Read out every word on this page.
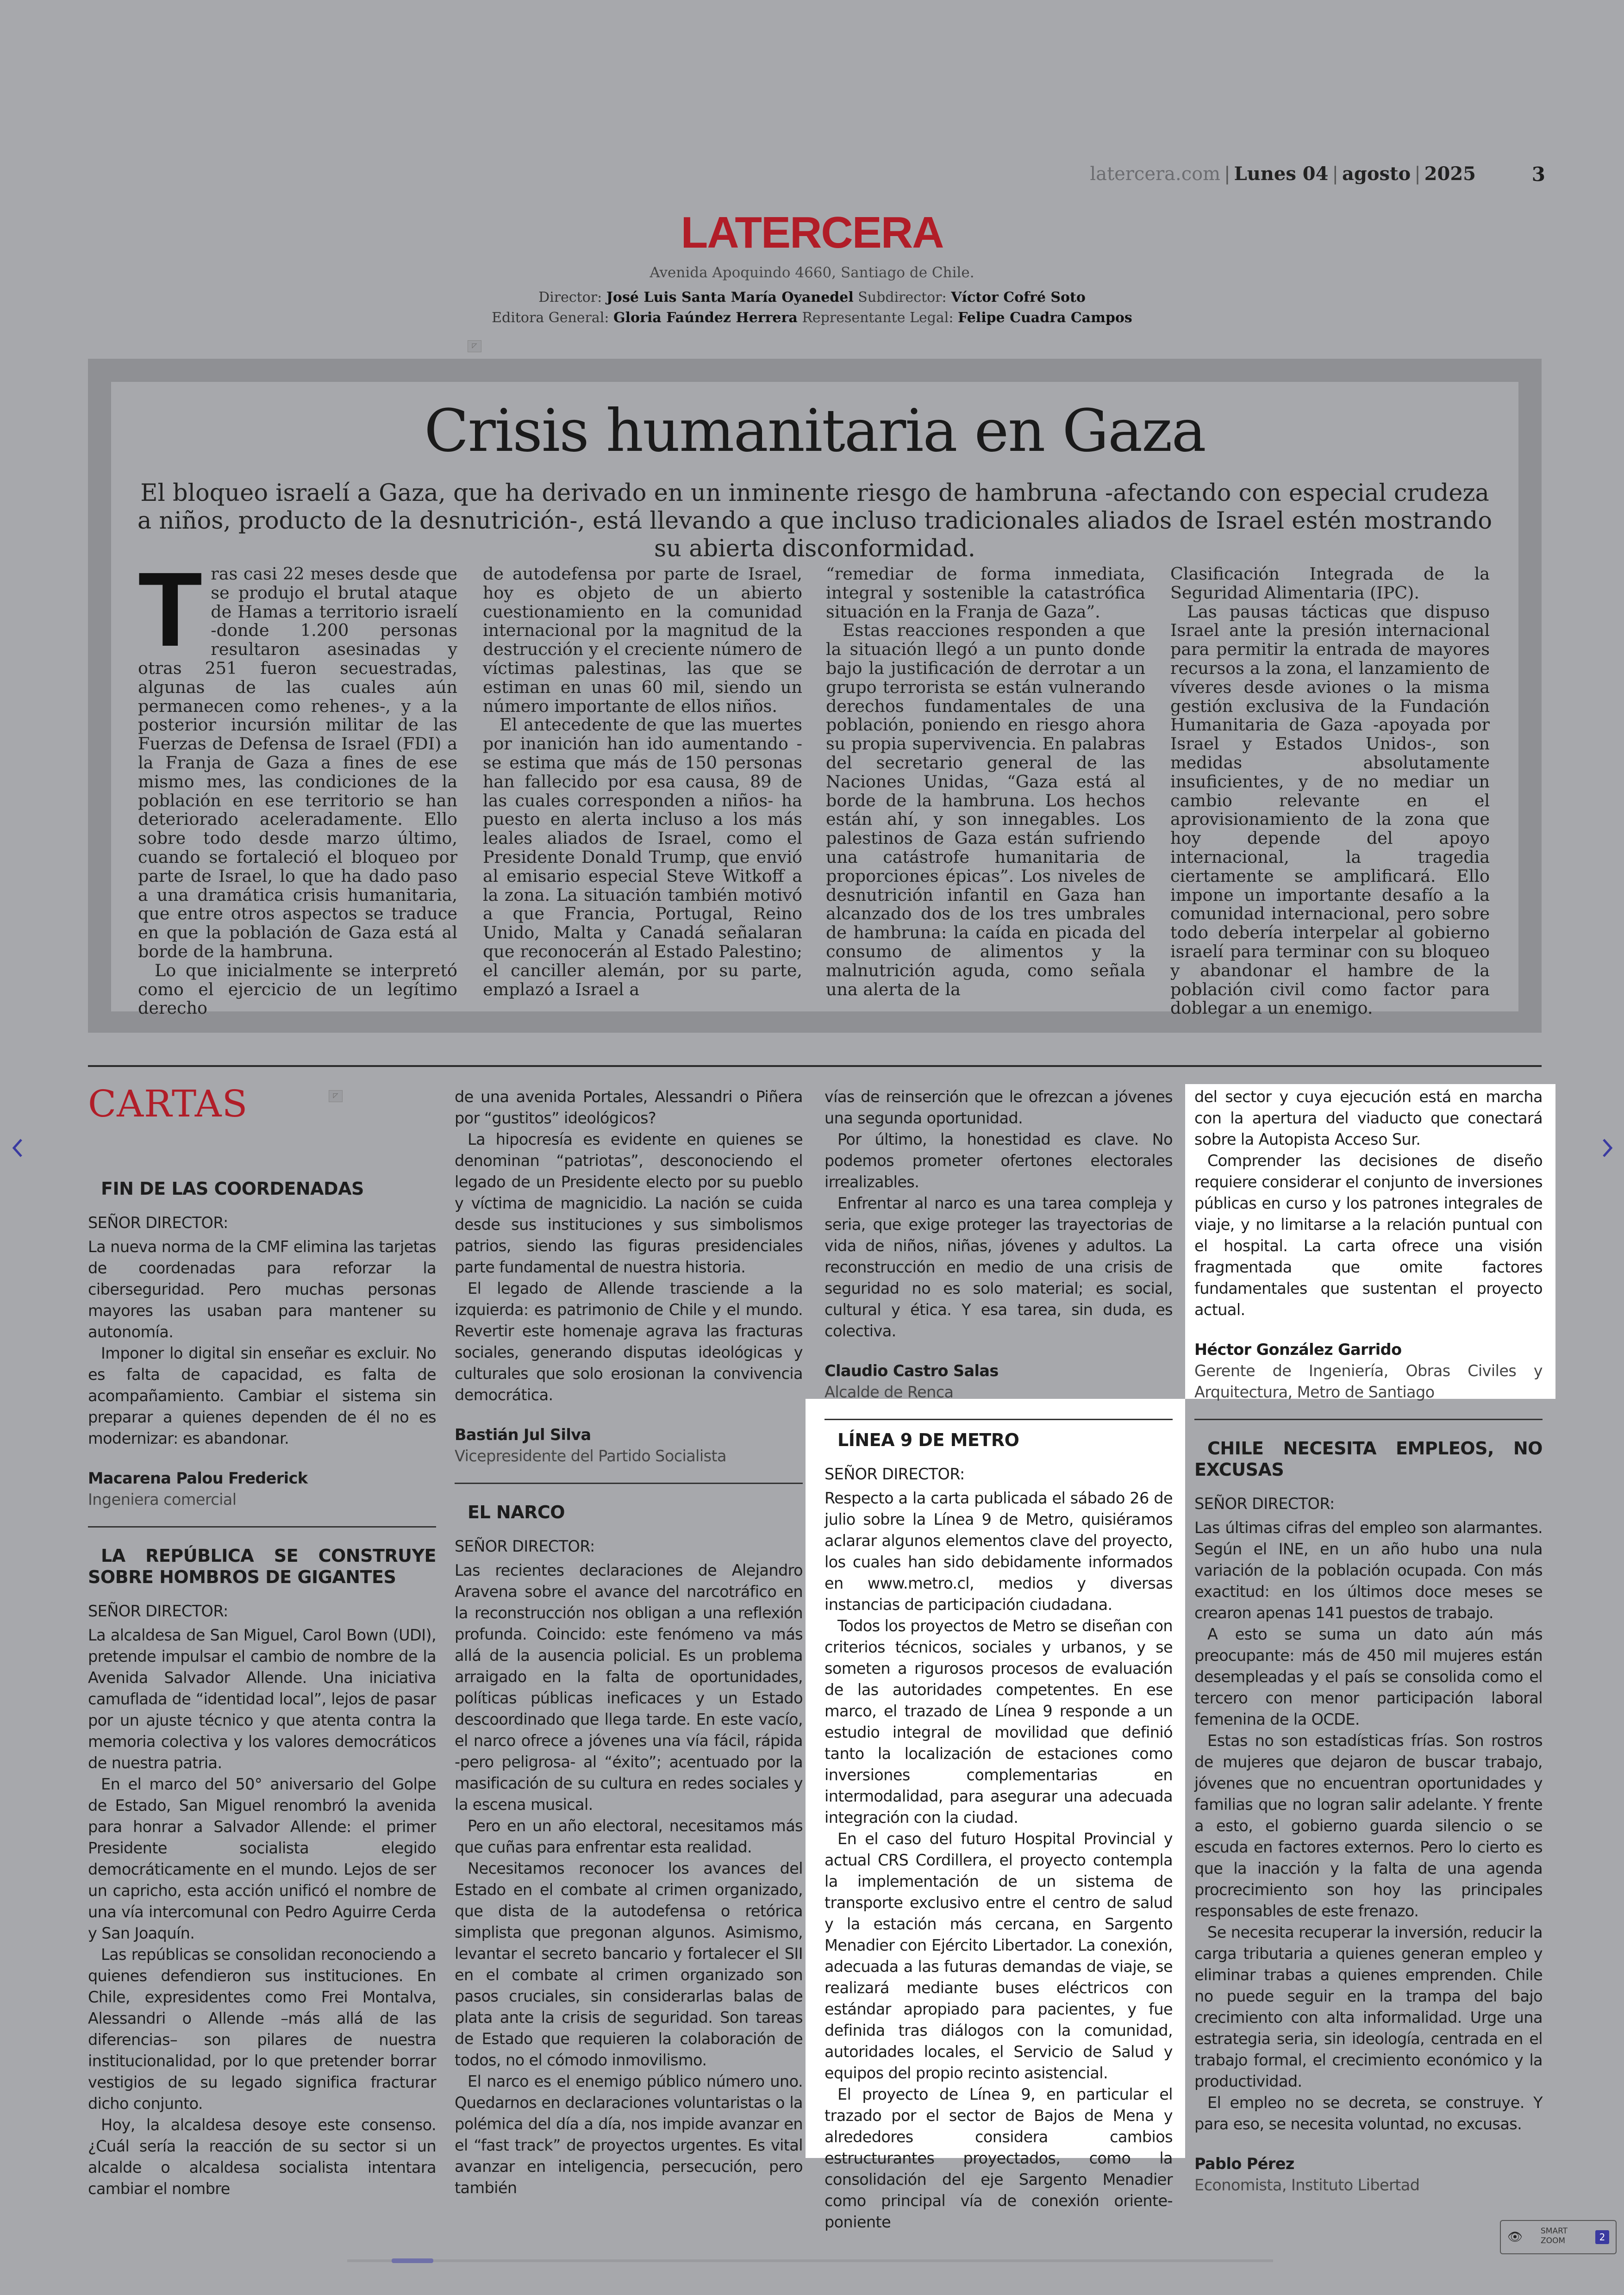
latercera.com | Lunes 04 | agosto | 2025	3
LATERCERA
Avenida Apoquindo 4660, Santiago de Chile.
Director: José Luis Santa María Oyanedel Subdirector: Víctor Cofré Soto
Editora General: Gloria Faúndez Herrera Representante Legal: Felipe Cuadra Campos
◸
Crisis humanitaria en Gaza
El bloqueo israelí a Gaza, que ha derivado en un inminente riesgo de hambruna -afectando con especial crudeza a niños, producto de la desnutrición-, está llevando a que incluso tradicionales aliados de Israel estén mostrando su abierta disconformidad.

Tras casi 22 meses desde que se produjo el brutal ataque de Hamas a territorio israelí -donde 1.200 personas resultaron asesinadas y otras 251 fueron secuestradas, algunas de las cuales aún permanecen como rehenes-, y a la posterior incursión militar de las Fuerzas de Defensa de Israel (FDI) a la Franja de Gaza a fines de ese mismo mes, las condiciones de la población en ese territorio se han deteriorado aceleradamente. Ello sobre todo desde marzo último, cuando se fortaleció el bloqueo por parte de Israel, lo que ha dado paso a una dramática crisis humanitaria, que entre otros aspectos se traduce en que la población de Gaza está al borde de la hambruna.

Lo que inicialmente se interpretó como el ejercicio de un legítimo derecho

de autodefensa por parte de Israel, hoy es objeto de un abierto cuestionamiento en la comunidad internacional por la magnitud de la destrucción y el creciente número de víctimas palestinas, las que se estiman en unas 60 mil, siendo un número importante de ellos niños.

El antecedente de que las muertes por inanición han ido aumentando -se estima que más de 150 personas han fallecido por esa causa, 89 de las cuales corresponden a niños- ha puesto en alerta incluso a los más leales aliados de Israel, como el Presidente Donald Trump, que envió al emisario especial Steve Witkoff a la zona. La situación también motivó a que Francia, Portugal, Reino Unido, Malta y Canadá señalaran que reconocerán al Estado Palestino; el canciller alemán, por su parte, emplazó a Israel a

“remediar de forma inmediata, integral y sostenible la catastrófica situación en la Franja de Gaza”.

Estas reacciones responden a que la situación llegó a un punto donde bajo la justificación de derrotar a un grupo terrorista se están vulnerando derechos fundamentales de una población, poniendo en riesgo ahora su propia supervivencia. En palabras del secretario general de las Naciones Unidas, “Gaza está al borde de la hambruna. Los hechos están ahí, y son innegables. Los palestinos de Gaza están sufriendo una catástrofe humanitaria de proporciones épicas”. Los niveles de desnutrición infantil en Gaza han alcanzado dos de los tres umbrales de hambruna: la caída en picada del consumo de alimentos y la malnutrición aguda, como señala una alerta de la

Clasificación Integrada de la Seguridad Alimentaria (IPC).

Las pausas tácticas que dispuso Israel ante la presión internacional para permitir la entrada de mayores recursos a la zona, el lanzamiento de víveres desde aviones o la misma gestión exclusiva de la Fundación Humanitaria de Gaza -apoyada por Israel y Estados Unidos-, son medidas absolutamente insuficientes, y de no mediar un cambio relevante en el aprovisionamiento de la zona que hoy depende del apoyo internacional, la tragedia ciertamente se amplificará. Ello impone un importante desafío a la comunidad internacional, pero sobre todo debería interpelar al gobierno israelí para terminar con su bloqueo y abandonar el hambre de la población civil como factor para doblegar a un enemigo.

CARTAS	◸

FIN DE LAS COORDENADAS

SEÑOR DIRECTOR:

La nueva norma de la CMF elimina las tarjetas de coordenadas para reforzar la ciberseguridad. Pero muchas personas mayores las usaban para mantener su autonomía.

Imponer lo digital sin enseñar es excluir. No es falta de capacidad, es falta de acompañamiento. Cambiar el sistema sin preparar a quienes dependen de él no es modernizar: es abandonar.

Macarena Palou Frederick

Ingeniera comercial

LA REPÚBLICA SE CONSTRUYE SOBRE HOMBROS DE GIGANTES

SEÑOR DIRECTOR:

La alcaldesa de San Miguel, Carol Bown (UDI), pretende impulsar el cambio de nombre de la Avenida Salvador Allende. Una iniciativa camuflada de “identidad local”, lejos de pasar por un ajuste técnico y que atenta contra la memoria colectiva y los valores democráticos de nuestra patria.

En el marco del 50° aniversario del Golpe de Estado, San Miguel renombró la avenida para honrar a Salvador Allende: el primer Presidente socialista elegido democráticamente en el mundo. Lejos de ser un capricho, esta acción unificó el nombre de una vía intercomunal con Pedro Aguirre Cerda y San Joaquín.

Las repúblicas se consolidan reconociendo a quienes defendieron sus instituciones. En Chile, expresidentes como Frei Montalva, Alessandri o Allende –más allá de las diferencias– son pilares de nuestra institucionalidad, por lo que pretender borrar vestigios de su legado significa fracturar dicho conjunto.

Hoy, la alcaldesa desoye este consenso. ¿Cuál sería la reacción de su sector si un alcalde o alcaldesa socialista intentara cambiar el nombre

de una avenida Portales, Alessandri o Piñera por “gustitos” ideológicos?

La hipocresía es evidente en quienes se denominan “patriotas”, desconociendo el legado de un Presidente electo por su pueblo y víctima de magnicidio. La nación se cuida desde sus instituciones y sus simbolismos patrios, siendo las figuras presidenciales parte fundamental de nuestra historia.

El legado de Allende trasciende a la izquierda: es patrimonio de Chile y el mundo. Revertir este homenaje agrava las fracturas sociales, generando disputas ideológicas y culturales que solo erosionan la convivencia democrática.

Bastián Jul Silva

Vicepresidente del Partido Socialista

EL NARCO

SEÑOR DIRECTOR:

Las recientes declaraciones de Alejandro Aravena sobre el avance del narcotráfico en la reconstrucción nos obligan a una reflexión profunda. Coincido: este fenómeno va más allá de la ausencia policial. Es un problema arraigado en la falta de oportunidades, políticas públicas ineficaces y un Estado descoordinado que llega tarde. En este vacío, el narco ofrece a jóvenes una vía fácil, rápida -pero peligrosa- al “éxito”; acentuado por la masificación de su cultura en redes sociales y la escena musical.

Pero en un año electoral, necesitamos más que cuñas para enfrentar esta realidad.

Necesitamos reconocer los avances del Estado en el combate al crimen organizado, que dista de la autodefensa o retórica simplista que pregonan algunos. Asimismo, levantar el secreto bancario y fortalecer el SII en el combate al crimen organizado son pasos cruciales, sin considerarlas balas de plata ante la crisis de seguridad. Son tareas de Estado que requieren la colaboración de todos, no el cómodo inmovilismo.

El narco es el enemigo público número uno. Quedarnos en declaraciones voluntaristas o la polémica del día a día, nos impide avanzar en el “fast track” de proyectos urgentes. Es vital avanzar en inteligencia, persecución, pero también

vías de reinserción que le ofrezcan a jóvenes una segunda oportunidad.

Por último, la honestidad es clave. No podemos prometer ofertones electorales irrealizables.

Enfrentar al narco es una tarea compleja y seria, que exige proteger las trayectorias de vida de niños, niñas, jóvenes y adultos. La reconstrucción en medio de una crisis de seguridad no es solo material; es social, cultural y ética. Y esa tarea, sin duda, es colectiva.

Claudio Castro Salas

Alcalde de Renca

LÍNEA 9 DE METRO

SEÑOR DIRECTOR:

Respecto a la carta publicada el sábado 26 de julio sobre la Línea 9 de Metro, quisiéramos aclarar algunos elementos clave del proyecto, los cuales han sido debidamente informados en www.metro.cl, medios y diversas instancias de participación ciudadana.

Todos los proyectos de Metro se diseñan con criterios técnicos, sociales y urbanos, y se someten a rigurosos procesos de evaluación de las autoridades competentes. En ese marco, el trazado de Línea 9 responde a un estudio integral de movilidad que definió tanto la localización de estaciones como inversiones complementarias en intermodalidad, para asegurar una adecuada integración con la ciudad.

En el caso del futuro Hospital Provincial y actual CRS Cordillera, el proyecto contempla la implementación de un sistema de transporte exclusivo entre el centro de salud y la estación más cercana, en Sargento Menadier con Ejército Libertador. La conexión, adecuada a las futuras demandas de viaje, se realizará mediante buses eléctricos con estándar apropiado para pacientes, y fue definida tras diálogos con la comunidad, autoridades locales, el Servicio de Salud y equipos del propio recinto asistencial.

El proyecto de Línea 9, en particular el trazado por el sector de Bajos de Mena y alrededores considera cambios estructurantes proyectados, como la consolidación del eje Sargento Menadier como principal vía de conexión oriente-poniente

del sector y cuya ejecución está en marcha con la apertura del viaducto que conectará sobre la Autopista Acceso Sur.

Comprender las decisiones de diseño requiere considerar el conjunto de inversiones públicas en curso y los patrones integrales de viaje, y no limitarse a la relación puntual con el hospital. La carta ofrece una visión fragmentada que omite factores fundamentales que sustentan el proyecto actual.

Héctor González Garrido

Gerente de Ingeniería, Obras Civiles y Arquitectura, Metro de Santiago

CHILE NECESITA EMPLEOS, NO EXCUSAS

SEÑOR DIRECTOR:

Las últimas cifras del empleo son alarmantes. Según el INE, en un año hubo una nula variación de la población ocupada. Con más exactitud: en los últimos doce meses se crearon apenas 141 puestos de trabajo.

A esto se suma un dato aún más preocupante: más de 450 mil mujeres están desempleadas y el país se consolida como el tercero con menor participación laboral femenina de la OCDE.

Estas no son estadísticas frías. Son rostros de mujeres que dejaron de buscar trabajo, jóvenes que no encuentran oportunidades y familias que no logran salir adelante. Y frente a esto, el gobierno guarda silencio o se escuda en factores externos. Pero lo cierto es que la inacción y la falta de una agenda procrecimiento son hoy las principales responsables de este frenazo.

Se necesita recuperar la inversión, reducir la carga tributaria a quienes generan empleo y eliminar trabas a quienes emprenden. Chile no puede seguir en la trampa del bajo crecimiento con alta informalidad. Urge una estrategia seria, sin ideología, centrada en el trabajo formal, el crecimiento económico y la productividad.

El empleo no se decreta, se construye. Y para eso, se necesita voluntad, no excusas.

Pablo Pérez

Economista, Instituto Libertad

👁 SMART
ZOOM	2
